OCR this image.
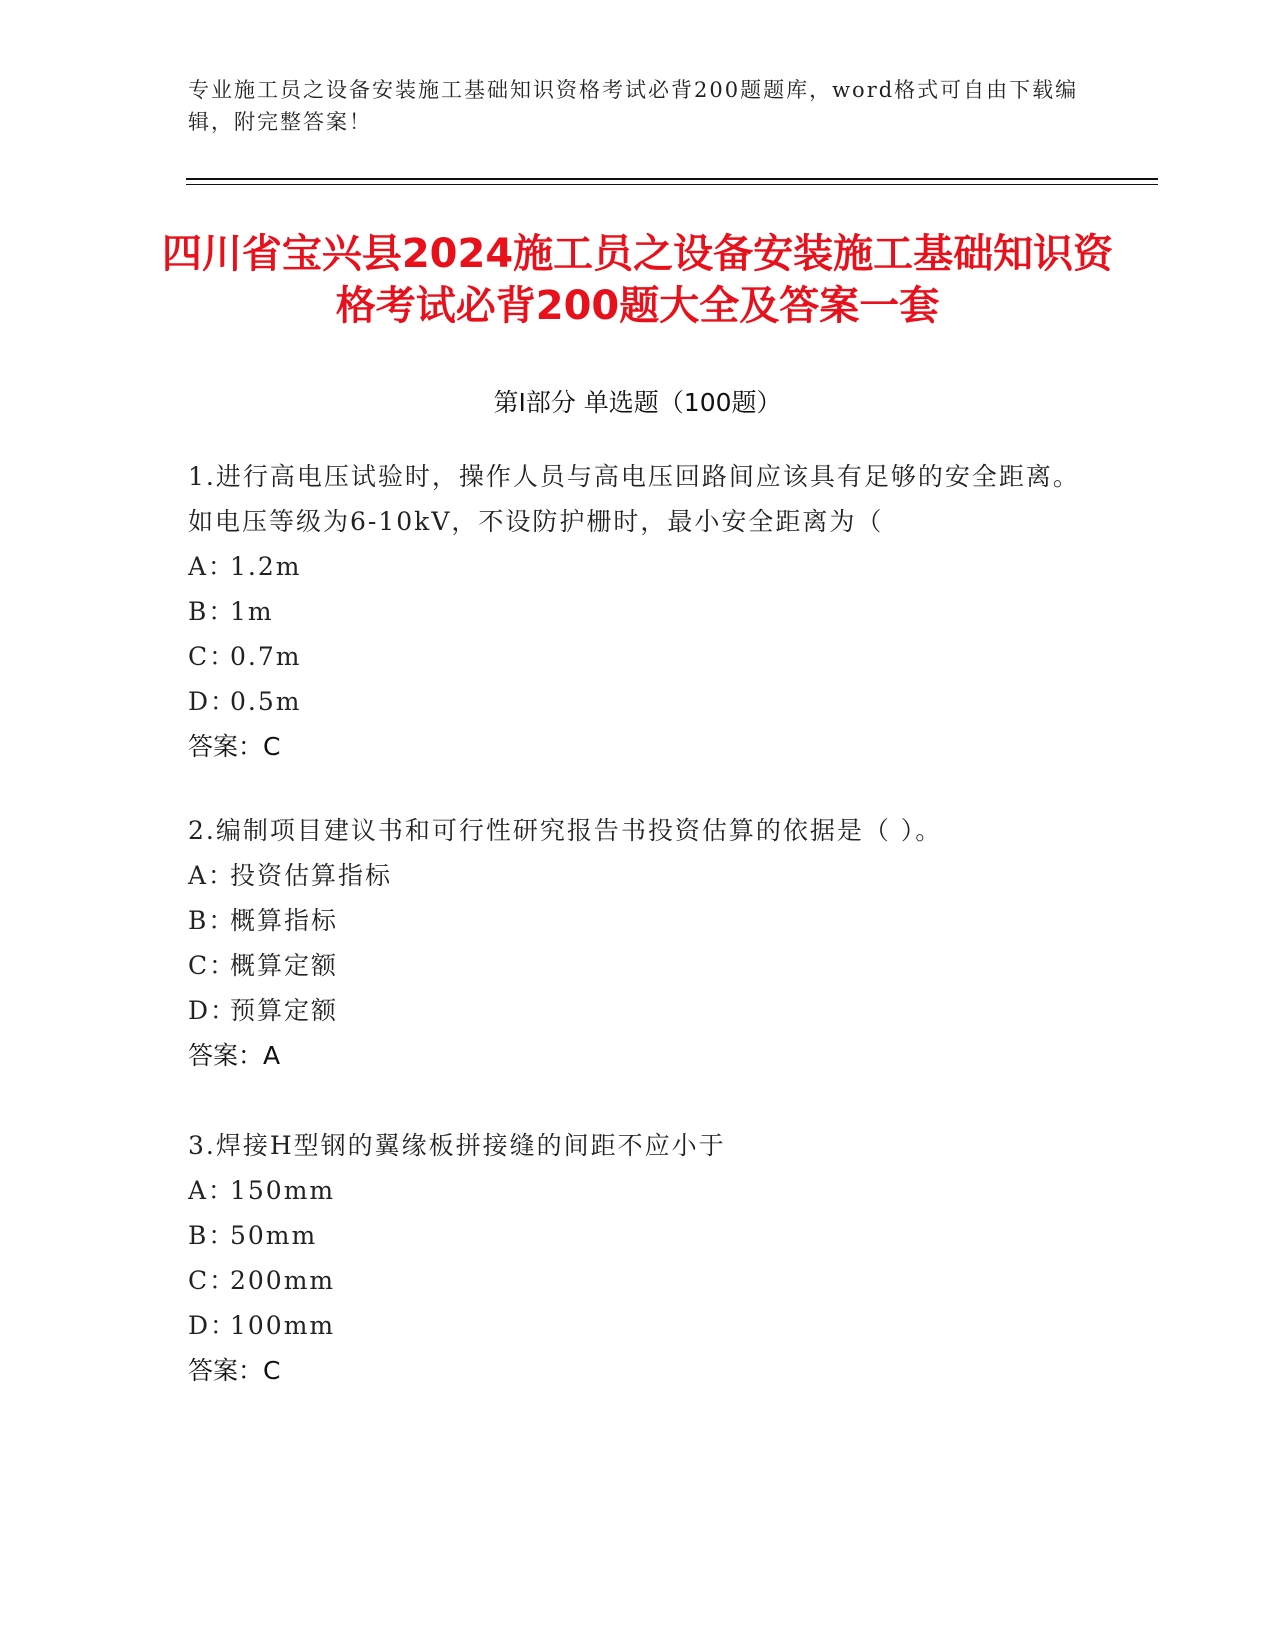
专业施工员之设备安装施工基础知识资格考试必背200题题库，word格式可自由下载编辑，附完整答案！
四川省宝兴县2024施工员之设备安装施工基础知识资格考试必背200题大全及答案一套
第I部分 单选题（100题）
1.进行高电压试验时，操作人员与高电压回路间应该具有足够的安全距离。如电压等级为6-10kV，不设防护栅时，最小安全距离为（
A：1.2m
B：1m
C：0.7m
D：0.5m
答案：C
2.编制项目建议书和可行性研究报告书投资估算的依据是（ ）。
A：投资估算指标
B：概算指标
C：概算定额
D：预算定额
答案：A
3.焊接H型钢的翼缘板拼接缝的间距不应小于
A：150mm
B：50mm
C：200mm
D：100mm
答案：C
